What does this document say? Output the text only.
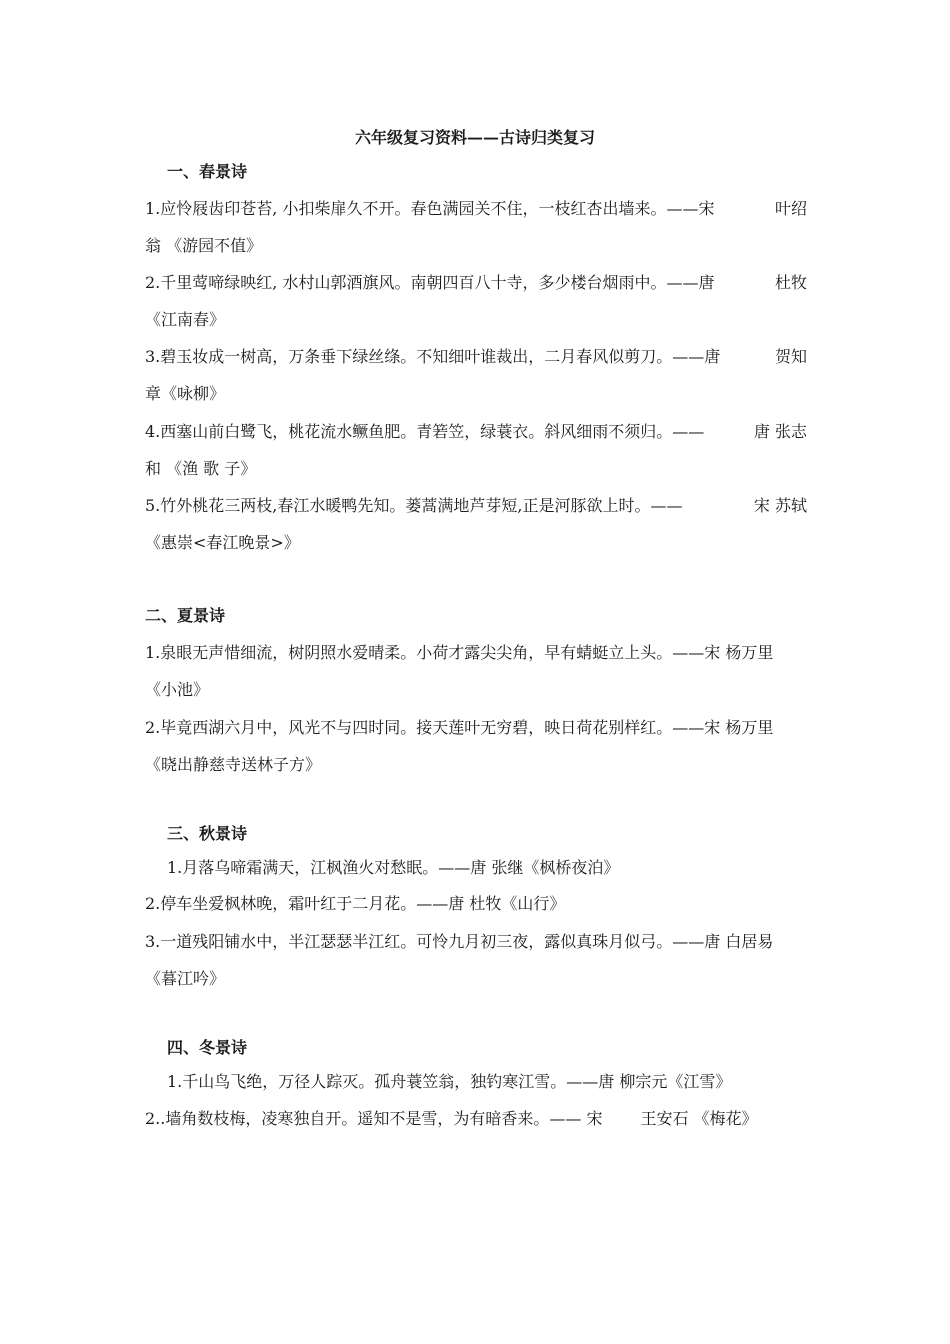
六年级复习资料——古诗归类复习
一、春景诗
1.应怜屐齿印苍苔, 小扣柴扉久不开。春色满园关不住，一枝红杏出墙来。——宋	叶绍
翁 《游园不值》
2.千里莺啼绿映红, 水村山郭酒旗风。南朝四百八十寺，多少楼台烟雨中。——唐	杜牧
《江南春》
3.碧玉妆成一树高，万条垂下绿丝绦。不知细叶谁裁出，二月春风似剪刀。——唐	贺知
章《咏柳》
4.西塞山前白鹭飞，桃花流水鳜鱼肥。青箬笠，绿蓑衣。斜风细雨不须归。——	唐 张志
和 《渔 歌 子》
5.竹外桃花三两枝,春江水暖鸭先知。蒌蒿满地芦芽短,正是河豚欲上时。——	宋 苏轼
《惠崇<春江晚景>》
二、夏景诗
1.泉眼无声惜细流，树阴照水爱晴柔。小荷才露尖尖角，早有蜻蜓立上头。——宋 杨万里
《小池》
2.毕竟西湖六月中，风光不与四时同。接天莲叶无穷碧，映日荷花别样红。——宋 杨万里
《晓出静慈寺送林子方》
三、秋景诗
1.月落乌啼霜满天，江枫渔火对愁眠。——唐 张继《枫桥夜泊》
2.停车坐爱枫林晚，霜叶红于二月花。——唐 杜牧《山行》
3.一道残阳铺水中，半江瑟瑟半江红。可怜九月初三夜，露似真珠月似弓。——唐 白居易
《暮江吟》
四、冬景诗
1.千山鸟飞绝，万径人踪灭。孤舟蓑笠翁，独钓寒江雪。——唐 柳宗元《江雪》
2..墙角数枝梅，凌寒独自开。遥知不是雪，为有暗香来。—— 宋 王安石 《梅花》
